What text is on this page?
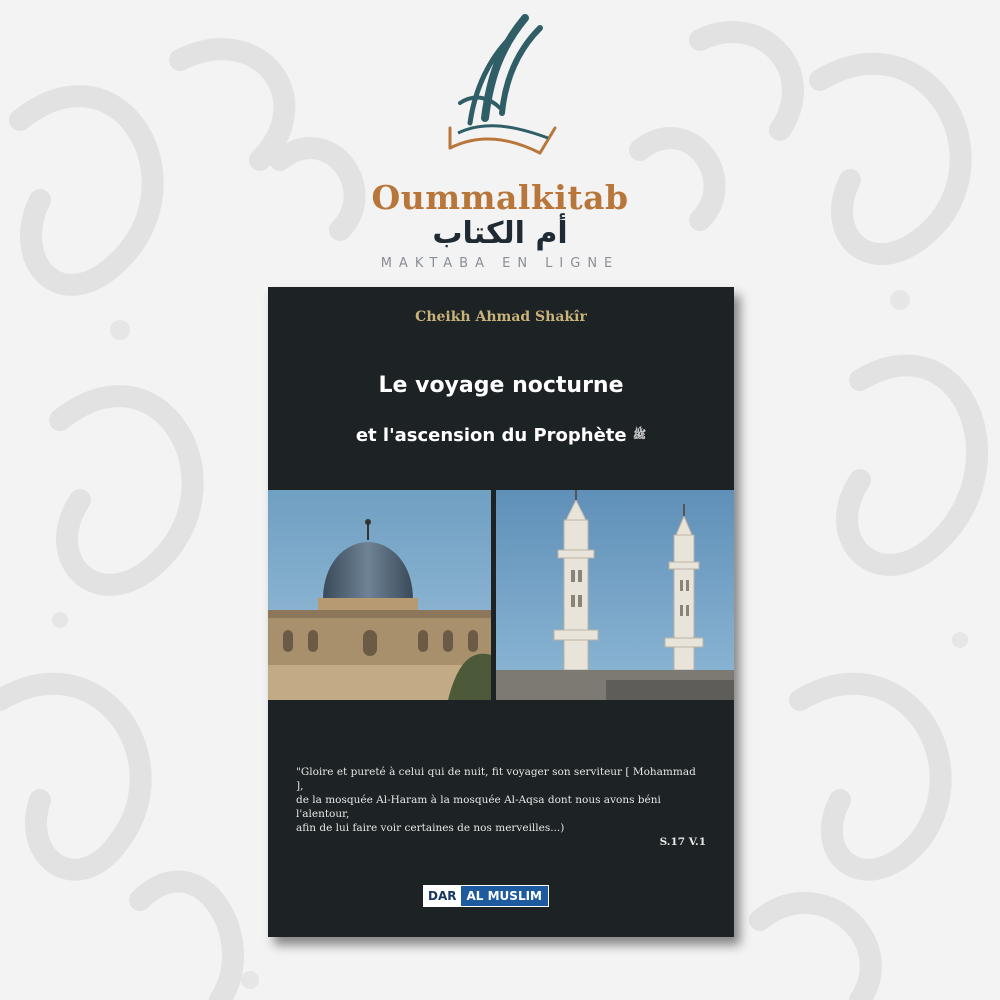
Oummalkitab
أم الكتاب
MAKTABA EN LIGNE
Cheikh Ahmad Shakîr
Le voyage nocturne
et l'ascension du Prophète ﷺ
"Gloire et pureté à celui qui de nuit, fit voyager son serviteur [ Mohammad ],
de la mosquée Al-Haram à la mosquée Al-Aqsa dont nous avons béni l'alentour,
afin de lui faire voir certaines de nos merveilles...)
S.17 V.1
DAR AL MUSLIM
